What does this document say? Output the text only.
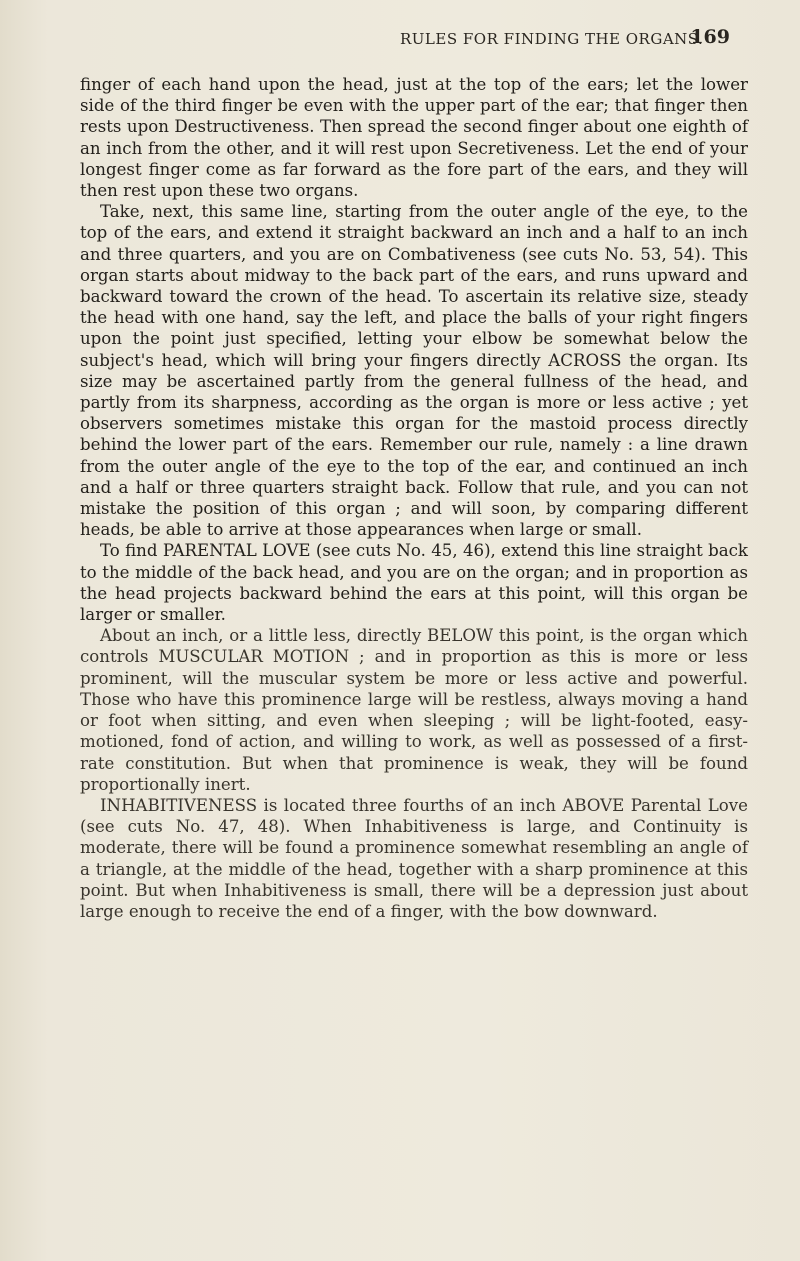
RULES FOR FINDING THE ORGANS.
169

finger of each hand upon the head, just at the top of the ears; let the lower side of the third finger be even with the upper part of the ear; that finger then rests upon Destructiveness. Then spread the second finger about one eighth of an inch from the other, and it will rest upon Secretiveness. Let the end of your longest finger come as far forward as the fore part of the ears, and they will then rest upon these two organs.

Take, next, this same line, starting from the outer angle of the eye, to the top of the ears, and extend it straight backward an inch and a half to an inch and three quarters, and you are on Combativeness (see cuts No. 53, 54). This organ starts about midway to the back part of the ears, and runs upward and backward toward the crown of the head. To ascertain its relative size, steady the head with one hand, say the left, and place the balls of your right fingers upon the point just specified, letting your elbow be somewhat below the subject's head, which will bring your fingers directly ACROSS the organ. Its size may be ascertained partly from the general fullness of the head, and partly from its sharpness, according as the organ is more or less active ; yet observers sometimes mistake this organ for the mastoid process directly behind the lower part of the ears. Remember our rule, namely : a line drawn from the outer angle of the eye to the top of the ear, and continued an inch and a half or three quarters straight back. Follow that rule, and you can not mistake the position of this organ ; and will soon, by comparing different heads, be able to arrive at those appearances when large or small.

To find PARENTAL LOVE (see cuts No. 45, 46), extend this line straight back to the middle of the back head, and you are on the organ; and in proportion as the head projects backward behind the ears at this point, will this organ be larger or smaller.

About an inch, or a little less, directly BELOW this point, is the organ which controls MUSCULAR MOTION ; and in proportion as this is more or less prominent, will the muscular system be more or less active and powerful. Those who have this prominence large will be restless, always moving a hand or foot when sitting, and even when sleeping ; will be light-footed, easy-motioned, fond of action, and willing to work, as well as possessed of a first-rate constitution. But when that prominence is weak, they will be found proportionally inert.

INHABITIVENESS is located three fourths of an inch ABOVE Parental Love (see cuts No. 47, 48). When Inhabitiveness is large, and Continuity is moderate, there will be found a prominence somewhat resembling an angle of a triangle, at the middle of the head, together with a sharp prominence at this point. But when Inhabitiveness is small, there will be a depression just about large enough to receive the end of a finger, with the bow downward.
